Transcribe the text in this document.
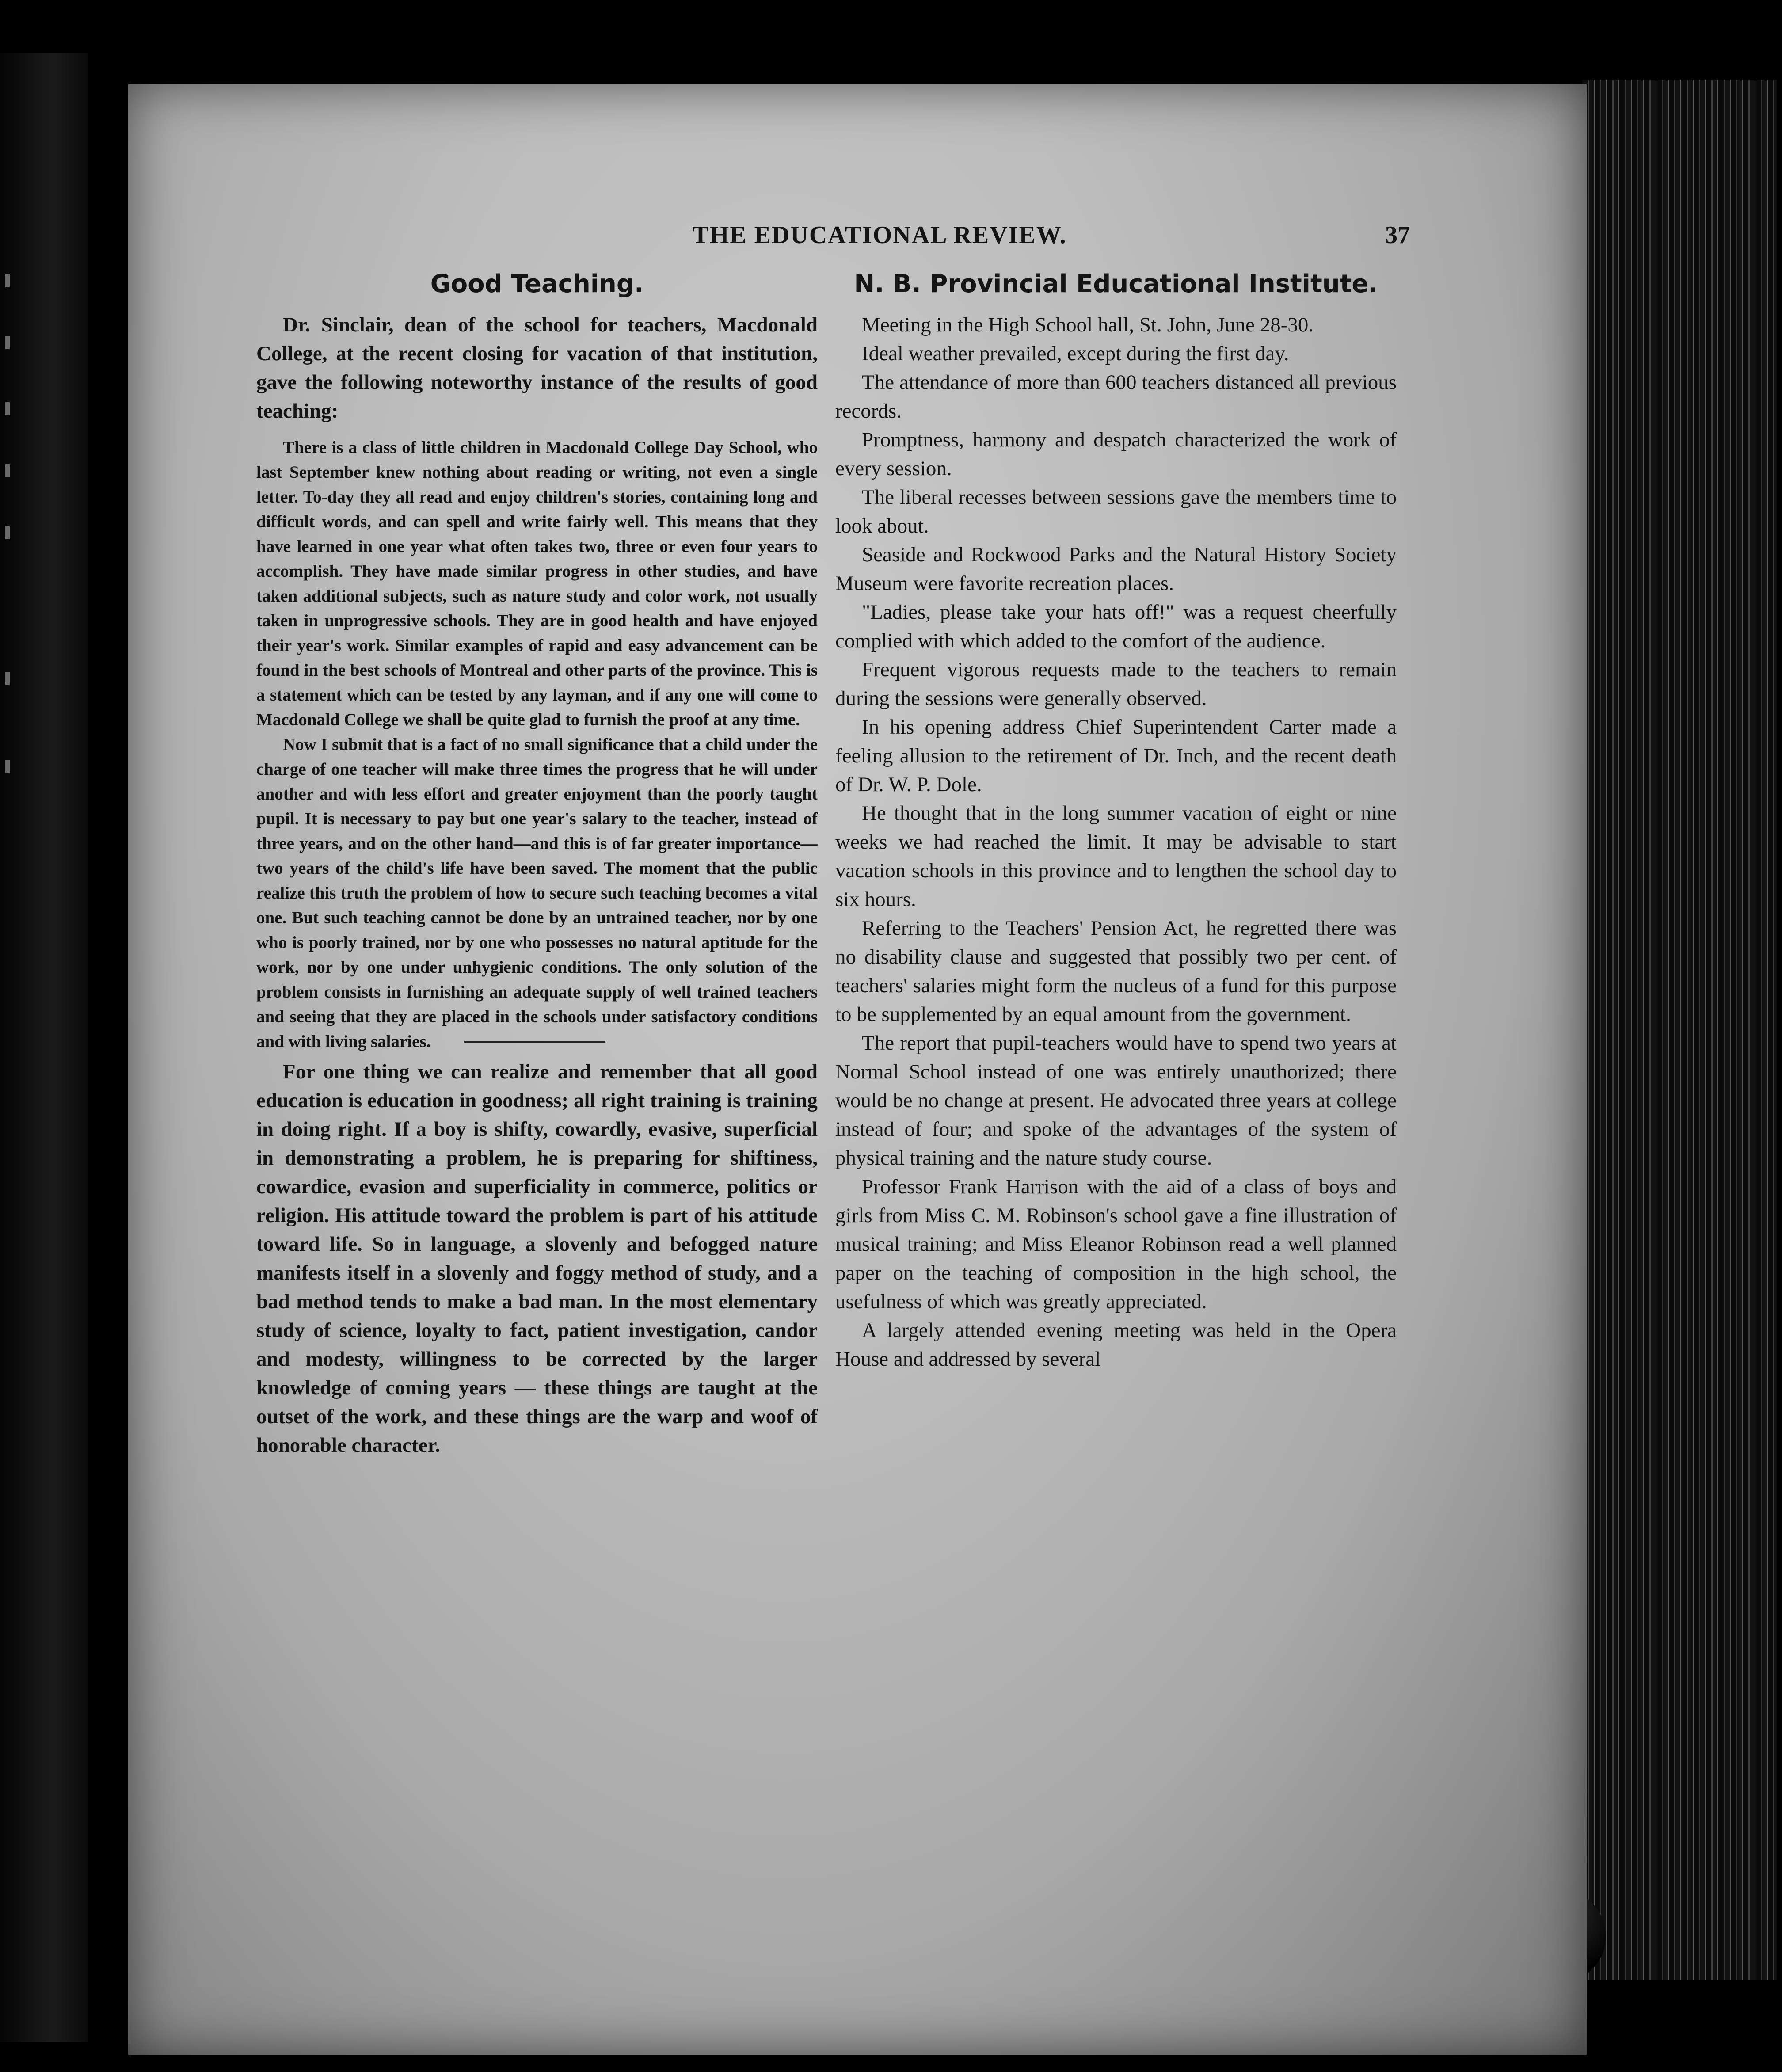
THE EDUCATIONAL REVIEW.	37
Good Teaching.

Dr. Sinclair, dean of the school for teachers, Macdonald College, at the recent closing for vacation of that institution, gave the following noteworthy instance of the results of good teaching:

There is a class of little children in Macdonald College Day School, who last September knew nothing about reading or writing, not even a single letter. To-day they all read and enjoy children's stories, containing long and difficult words, and can spell and write fairly well. This means that they have learned in one year what often takes two, three or even four years to accomplish. They have made similar progress in other studies, and have taken additional subjects, such as nature study and color work, not usually taken in unprogressive schools. They are in good health and have enjoyed their year's work. Similar examples of rapid and easy advancement can be found in the best schools of Montreal and other parts of the province. This is a statement which can be tested by any layman, and if any one will come to Macdonald College we shall be quite glad to furnish the proof at any time.

Now I submit that is a fact of no small significance that a child under the charge of one teacher will make three times the progress that he will under another and with less effort and greater enjoyment than the poorly taught pupil. It is necessary to pay but one year's salary to the teacher, instead of three years, and on the other hand—and this is of far greater importance—two years of the child's life have been saved. The moment that the public realize this truth the problem of how to secure such teaching becomes a vital one. But such teaching cannot be done by an untrained teacher, nor by one who is poorly trained, nor by one who possesses no natural aptitude for the work, nor by one under unhygienic conditions. The only solution of the problem consists in furnishing an adequate supply of well trained teachers and seeing that they are placed in the schools under satisfactory conditions and with living salaries.

For one thing we can realize and remember that all good education is education in goodness; all right training is training in doing right. If a boy is shifty, cowardly, evasive, superficial in demonstrating a problem, he is preparing for shiftiness, cowardice, evasion and superficiality in commerce, politics or religion. His attitude toward the problem is part of his attitude toward life. So in language, a slovenly and befogged nature manifests itself in a slovenly and foggy method of study, and a bad method tends to make a bad man. In the most elementary study of science, loyalty to fact, patient investigation, candor and modesty, willingness to be corrected by the larger knowledge of coming years — these things are taught at the outset of the work, and these things are the warp and woof of honorable character.

N. B. Provincial Educational Institute.

Meeting in the High School hall, St. John, June 28-30.

Ideal weather prevailed, except during the first day.

The attendance of more than 600 teachers distanced all previous records.

Promptness, harmony and despatch characterized the work of every session.

The liberal recesses between sessions gave the members time to look about.

Seaside and Rockwood Parks and the Natural History Society Museum were favorite recreation places.

"Ladies, please take your hats off!" was a request cheerfully complied with which added to the comfort of the audience.

Frequent vigorous requests made to the teachers to remain during the sessions were generally observed.

In his opening address Chief Superintendent Carter made a feeling allusion to the retirement of Dr. Inch, and the recent death of Dr. W. P. Dole.

He thought that in the long summer vacation of eight or nine weeks we had reached the limit. It may be advisable to start vacation schools in this province and to lengthen the school day to six hours.

Referring to the Teachers' Pension Act, he regretted there was no disability clause and suggested that possibly two per cent. of teachers' salaries might form the nucleus of a fund for this purpose to be supplemented by an equal amount from the government.

The report that pupil-teachers would have to spend two years at Normal School instead of one was entirely unauthorized; there would be no change at present. He advocated three years at college instead of four; and spoke of the advantages of the system of physical training and the nature study course.

Professor Frank Harrison with the aid of a class of boys and girls from Miss C. M. Robinson's school gave a fine illustration of musical training; and Miss Eleanor Robinson read a well planned paper on the teaching of composition in the high school, the usefulness of which was greatly appreciated.

A largely attended evening meeting was held in the Opera House and addressed by several
